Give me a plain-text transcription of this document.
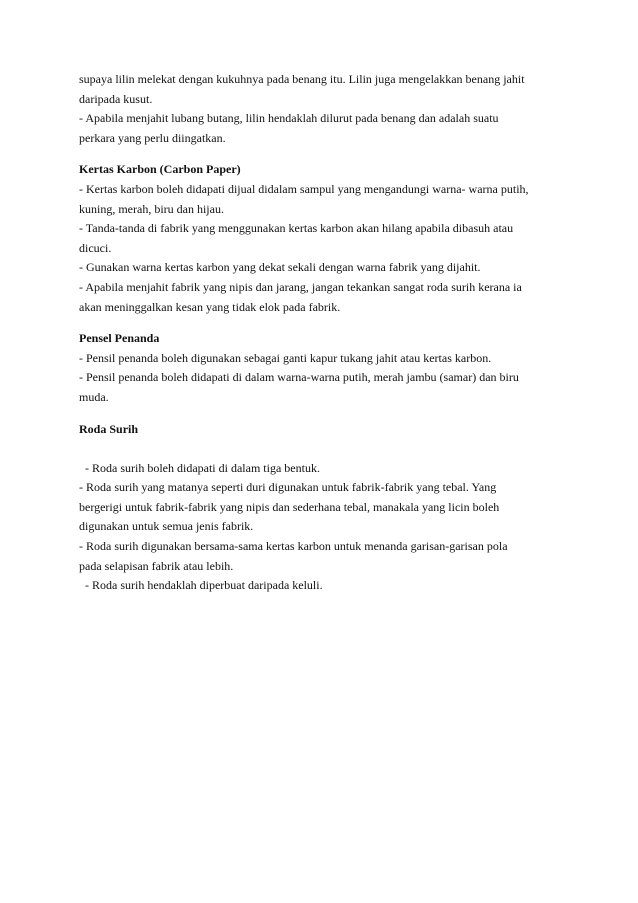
supaya lilin melekat dengan kukuhnya pada benang itu. Lilin juga mengelakkan benang jahit
daripada kusut.
- Apabila menjahit lubang butang, lilin hendaklah dilurut pada benang dan adalah suatu
perkara yang perlu diingatkan.
Kertas Karbon (Carbon Paper)
- Kertas karbon boleh didapati dijual didalam sampul yang mengandungi warna- warna putih,
kuning, merah, biru dan hijau.
- Tanda-tanda di fabrik yang menggunakan kertas karbon akan hilang apabila dibasuh atau
dicuci.
- Gunakan warna kertas karbon yang dekat sekali dengan warna fabrik yang dijahit.
- Apabila menjahit fabrik yang nipis dan jarang, jangan tekankan sangat roda surih kerana ia
akan meninggalkan kesan yang tidak elok pada fabrik.
Pensel Penanda
- Pensil penanda boleh digunakan sebagai ganti kapur tukang jahit atau kertas karbon.
- Pensil penanda boleh didapati di dalam warna-warna putih, merah jambu (samar) dan biru
muda.
Roda Surih

- Roda surih boleh didapati di dalam tiga bentuk.
- Roda surih yang matanya seperti duri digunakan untuk fabrik-fabrik yang tebal. Yang
bergerigi untuk fabrik-fabrik yang nipis dan sederhana tebal, manakala yang licin boleh
digunakan untuk semua jenis fabrik.
- Roda surih digunakan bersama-sama kertas karbon untuk menanda garisan-garisan pola
pada selapisan fabrik atau lebih.
- Roda surih hendaklah diperbuat daripada keluli.
